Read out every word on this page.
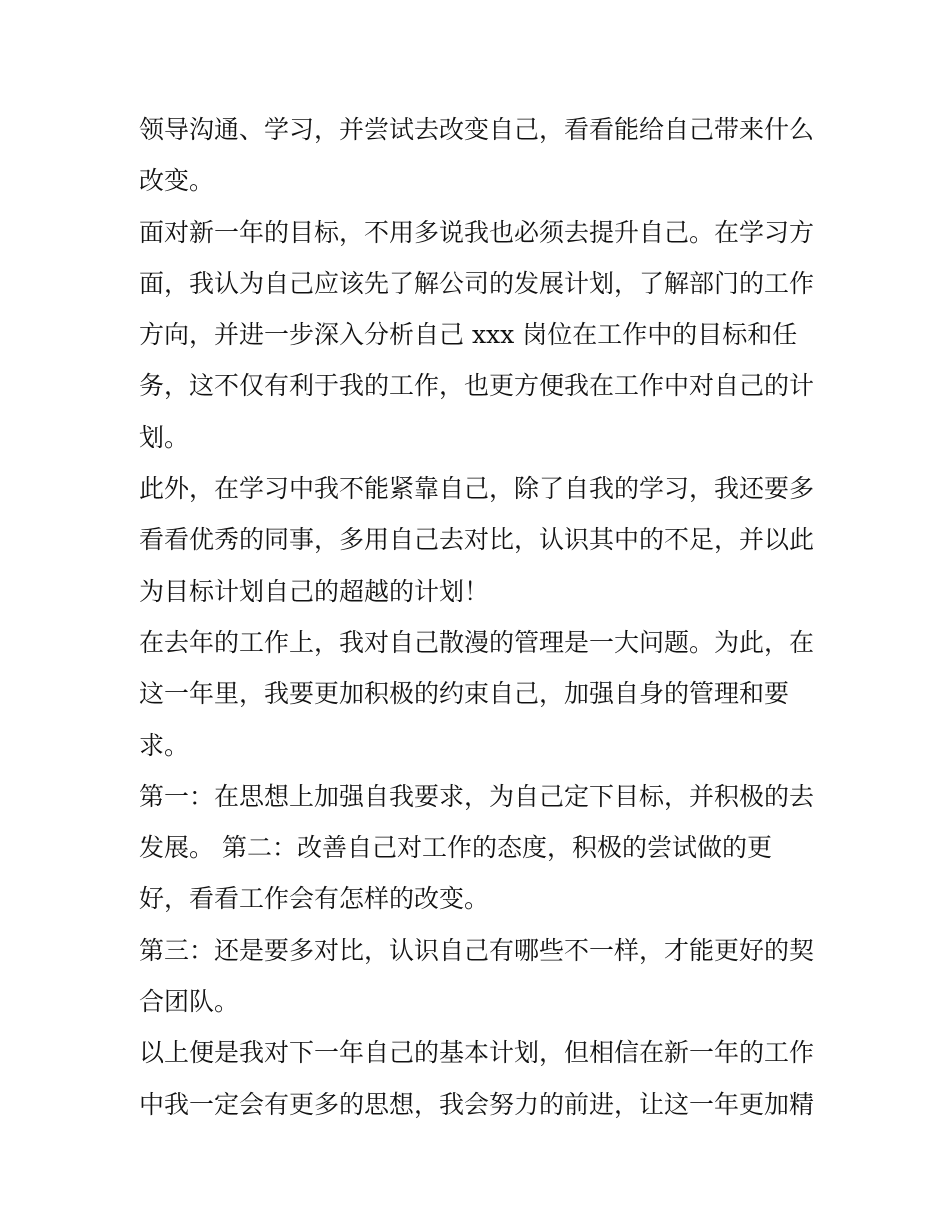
领导沟通、学习，并尝试去改变自己，看看能给自己带来什么
改变。
面对新一年的目标，不用多说我也必须去提升自己。在学习方
面，我认为自己应该先了解公司的发展计划，了解部门的工作
方向，并进一步深入分析自己 xxx 岗位在工作中的目标和任
务，这不仅有利于我的工作，也更方便我在工作中对自己的计
划。
此外，在学习中我不能紧靠自己，除了自我的学习，我还要多
看看优秀的同事，多用自己去对比，认识其中的不足，并以此
为目标计划自己的超越的计划！
在去年的工作上，我对自己散漫的管理是一大问题。为此，在
这一年里，我要更加积极的约束自己，加强自身的管理和要
求。
第一：在思想上加强自我要求，为自己定下目标，并积极的去
发展。 第二：改善自己对工作的态度，积极的尝试做的更
好，看看工作会有怎样的改变。
第三：还是要多对比，认识自己有哪些不一样，才能更好的契
合团队。
以上便是我对下一年自己的基本计划，但相信在新一年的工作
中我一定会有更多的思想，我会努力的前进，让这一年更加精
